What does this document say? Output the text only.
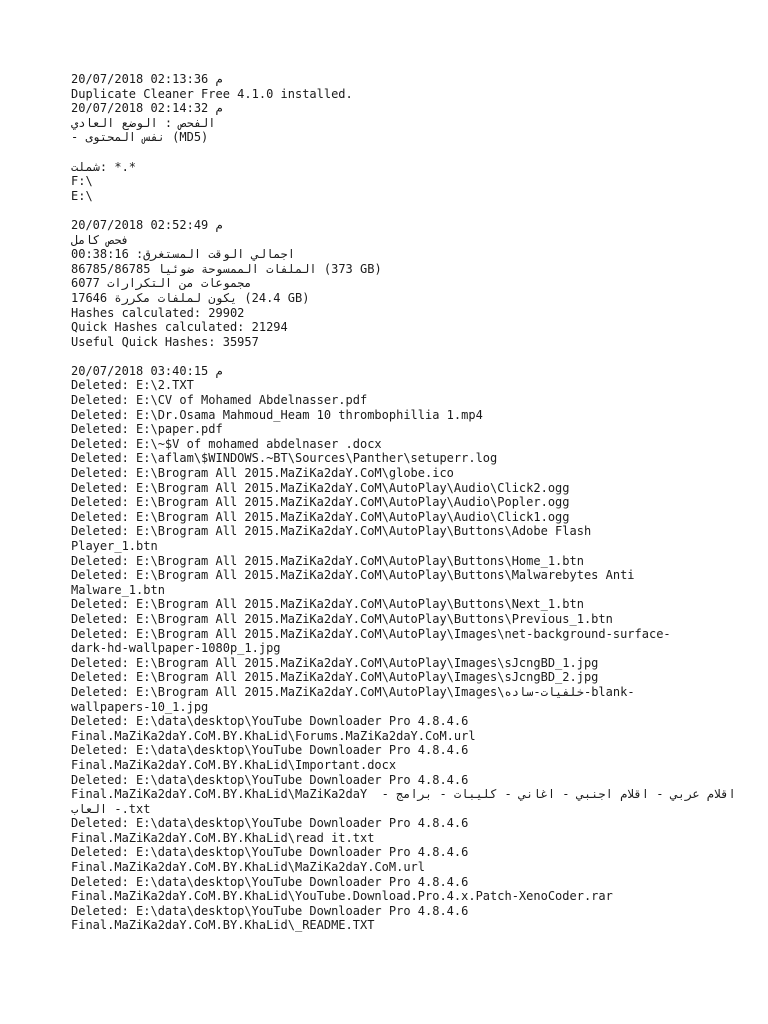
20/07/2018 02:13:36 م
Duplicate Cleaner Free 4.1.0 installed.
20/07/2018 02:14:32 م
الفحص : الوضع العادي
- نفس المحتوى (MD5)
شملت: *.*
F:\
E:\
20/07/2018 02:52:49 م
فحص كامل
اجمالي الوقت المستغرق: 00:38:16
الملفات الممسوحة ضوئيا 86785/86785 (373 GB)
مجموعات من التكرارات 6077
يكون لملفات مكررة 17646 (24.4 GB)
Hashes calculated: 29902
Quick Hashes calculated: 21294
Useful Quick Hashes: 35957
20/07/2018 03:40:15 م
Deleted: E:\2.TXT
Deleted: E:\CV of Mohamed Abdelnasser.pdf
Deleted: E:\Dr.Osama Mahmoud_Heam 10 thrombophillia 1.mp4
Deleted: E:\paper.pdf
Deleted: E:\~$V of mohamed abdelnaser .docx
Deleted: E:\aflam\$WINDOWS.~BT\Sources\Panther\setuperr.log
Deleted: E:\Brogram All 2015.MaZiKa2daY.CoM\globe.ico
Deleted: E:\Brogram All 2015.MaZiKa2daY.CoM\AutoPlay\Audio\Click2.ogg
Deleted: E:\Brogram All 2015.MaZiKa2daY.CoM\AutoPlay\Audio\Popler.ogg
Deleted: E:\Brogram All 2015.MaZiKa2daY.CoM\AutoPlay\Audio\Click1.ogg
Deleted: E:\Brogram All 2015.MaZiKa2daY.CoM\AutoPlay\Buttons\Adobe Flash
Player_1.btn
Deleted: E:\Brogram All 2015.MaZiKa2daY.CoM\AutoPlay\Buttons\Home_1.btn
Deleted: E:\Brogram All 2015.MaZiKa2daY.CoM\AutoPlay\Buttons\Malwarebytes Anti
Malware_1.btn
Deleted: E:\Brogram All 2015.MaZiKa2daY.CoM\AutoPlay\Buttons\Next_1.btn
Deleted: E:\Brogram All 2015.MaZiKa2daY.CoM\AutoPlay\Buttons\Previous_1.btn
Deleted: E:\Brogram All 2015.MaZiKa2daY.CoM\AutoPlay\Images\net-background-surface-
dark-hd-wallpaper-1080p_1.jpg
Deleted: E:\Brogram All 2015.MaZiKa2daY.CoM\AutoPlay\Images\sJcngBD_1.jpg
Deleted: E:\Brogram All 2015.MaZiKa2daY.CoM\AutoPlay\Images\sJcngBD_2.jpg
Deleted: E:\Brogram All 2015.MaZiKa2daY.CoM\AutoPlay\Images\خلفيات-ساده-blank-
wallpapers-10_1.jpg
Deleted: E:\data\desktop\YouTube Downloader Pro 4.8.4.6
Final.MaZiKa2daY.CoM.BY.KhaLid\Forums.MaZiKa2daY.CoM.url
Deleted: E:\data\desktop\YouTube Downloader Pro 4.8.4.6
Final.MaZiKa2daY.CoM.BY.KhaLid\Important.docx
Deleted: E:\data\desktop\YouTube Downloader Pro 4.8.4.6
Final.MaZiKa2daY.CoM.BY.KhaLid\MaZiKa2daY  - اقلام عربي - اقلام اجنبي - اغاني - كليبات - برامج
العاب -.txt
Deleted: E:\data\desktop\YouTube Downloader Pro 4.8.4.6
Final.MaZiKa2daY.CoM.BY.KhaLid\read it.txt
Deleted: E:\data\desktop\YouTube Downloader Pro 4.8.4.6
Final.MaZiKa2daY.CoM.BY.KhaLid\MaZiKa2daY.CoM.url
Deleted: E:\data\desktop\YouTube Downloader Pro 4.8.4.6
Final.MaZiKa2daY.CoM.BY.KhaLid\YouTube.Download.Pro.4.x.Patch-XenoCoder.rar
Deleted: E:\data\desktop\YouTube Downloader Pro 4.8.4.6
Final.MaZiKa2daY.CoM.BY.KhaLid\_README.TXT
